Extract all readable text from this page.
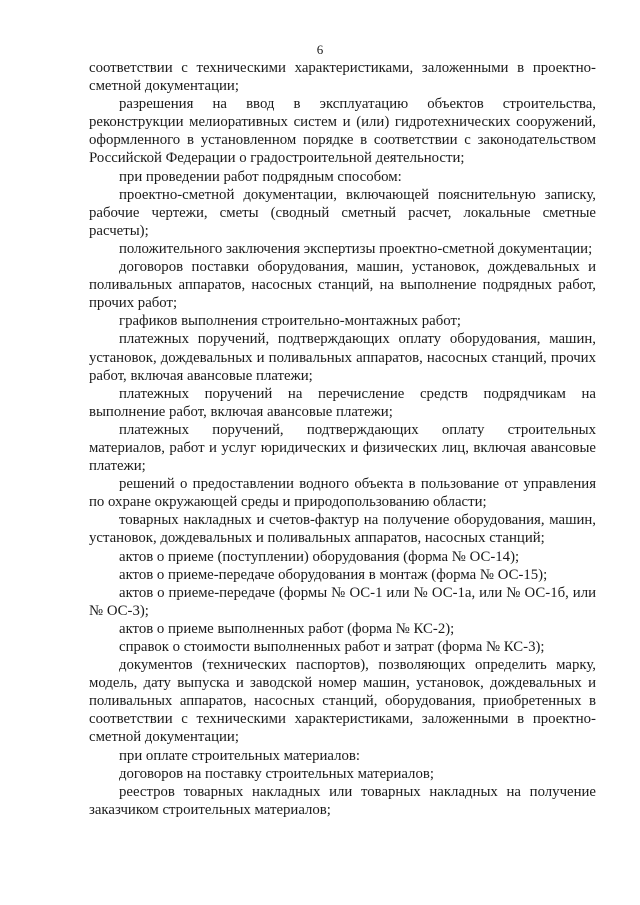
6

соответствии с техническими характеристиками, заложенными в проектно-сметной документации;

разрешения на ввод в эксплуатацию объектов строительства, реконструкции мелиоративных систем и (или) гидротехнических сооружений, оформленного в установленном порядке в соответствии с законодательством Российской Федерации о градостроительной деятельности;

при проведении работ подрядным способом:

проектно-сметной документации, включающей пояснительную записку, рабочие чертежи, сметы (сводный сметный расчет, локальные сметные расчеты);

положительного заключения экспертизы проектно-сметной документации;

договоров поставки оборудования, машин, установок, дождевальных и поливальных аппаратов, насосных станций, на выполнение подрядных работ, прочих работ;

графиков выполнения строительно-монтажных работ;

платежных поручений, подтверждающих оплату оборудования, машин, установок, дождевальных и поливальных аппаратов, насосных станций, прочих работ, включая авансовые платежи;

платежных поручений на перечисление средств подрядчикам на выполнение работ, включая авансовые платежи;

платежных поручений, подтверждающих оплату строительных материалов, работ и услуг юридических и физических лиц, включая авансовые платежи;

решений о предоставлении водного объекта в пользование от управления по охране окружающей среды и природопользованию области;

товарных накладных и счетов-фактур на получение оборудования, машин, установок, дождевальных и поливальных аппаратов, насосных станций;

актов о приеме (поступлении) оборудования (форма № ОС-14);

актов о приеме-передаче оборудования в монтаж (форма № ОС-15);

актов о приеме-передаче (формы № ОС-1 или № ОС-1а, или № ОС-1б, или № ОС-3);

актов о приеме выполненных работ (форма № КС-2);

справок о стоимости выполненных работ и затрат (форма № КС-3);

документов (технических паспортов), позволяющих определить марку, модель, дату выпуска и заводской номер машин, установок, дождевальных и поливальных аппаратов, насосных станций, оборудования, приобретенных в соответствии с техническими характеристиками, заложенными в проектно-сметной документации;

при оплате строительных материалов:

договоров на поставку строительных материалов;

реестров товарных накладных или товарных накладных на получение заказчиком строительных материалов;
